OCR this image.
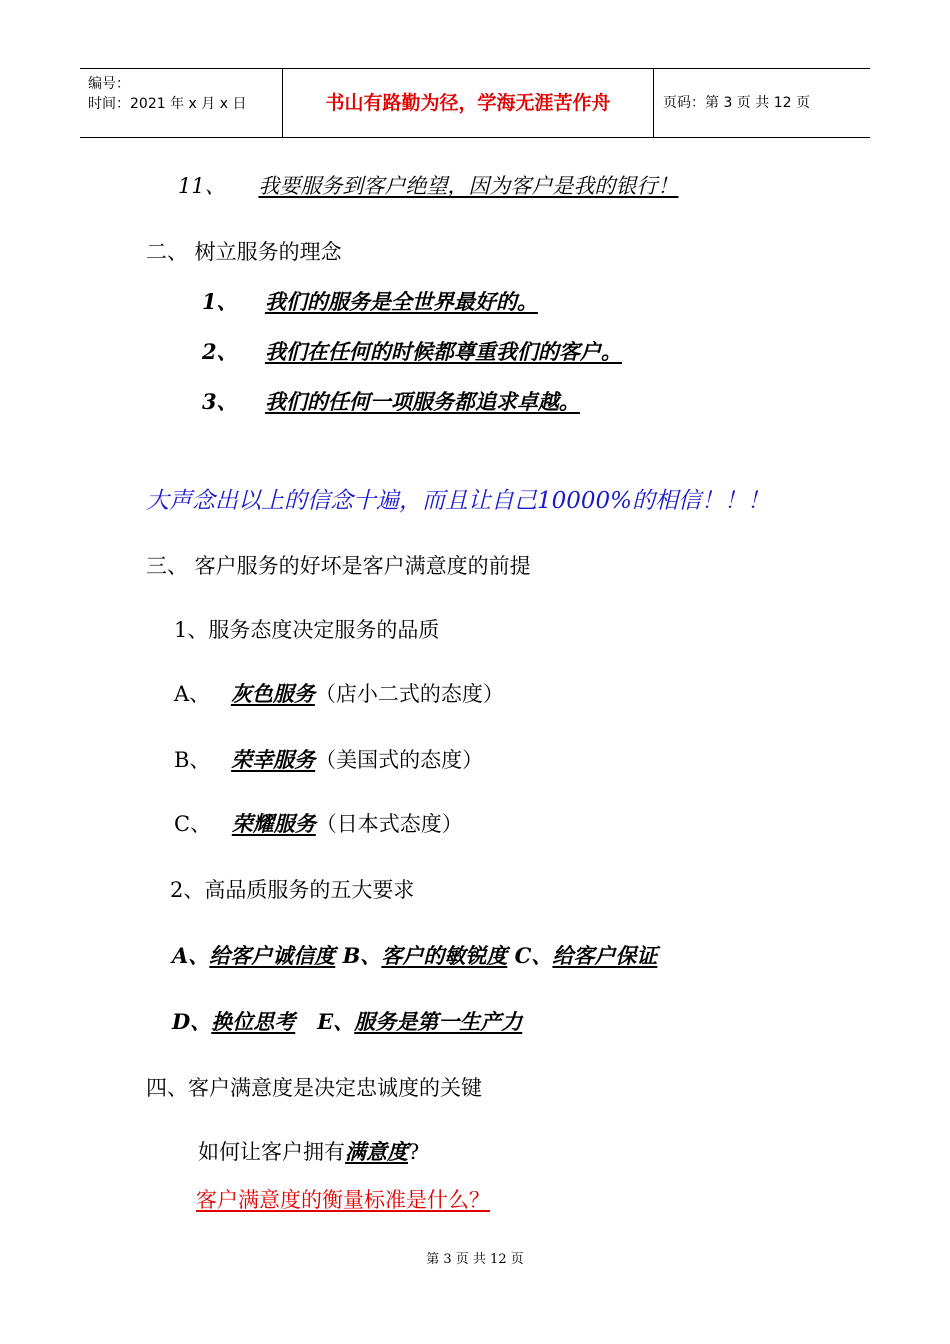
编号：
时间：2021 年 x 月 x 日	书山有路勤为径，学海无涯苦作舟	页码：第 3 页 共 12 页
11、 我要服务到客户绝望，因为客户是我的银行！
二、 树立服务的理念
1、 我们的服务是全世界最好的。
2、 我们在任何的时候都尊重我们的客户。
3、 我们的任何一项服务都追求卓越。
大声念出以上的信念十遍，而且让自己10000%的相信！！！
三、 客户服务的好坏是客户满意度的前提
1、服务态度决定服务的品质
A、 灰色服务（店小二式的态度）
B、 荣幸服务（美国式的态度）
C、 荣耀服务（日本式态度）
2、高品质服务的五大要求
A、给客户诚信度 B、客户的敏锐度 C、给客户保证
D、换位思考 E、服务是第一生产力
四、客户满意度是决定忠诚度的关键
如何让客户拥有满意度?
客户满意度的衡量标准是什么？
第 3 页 共 12 页
